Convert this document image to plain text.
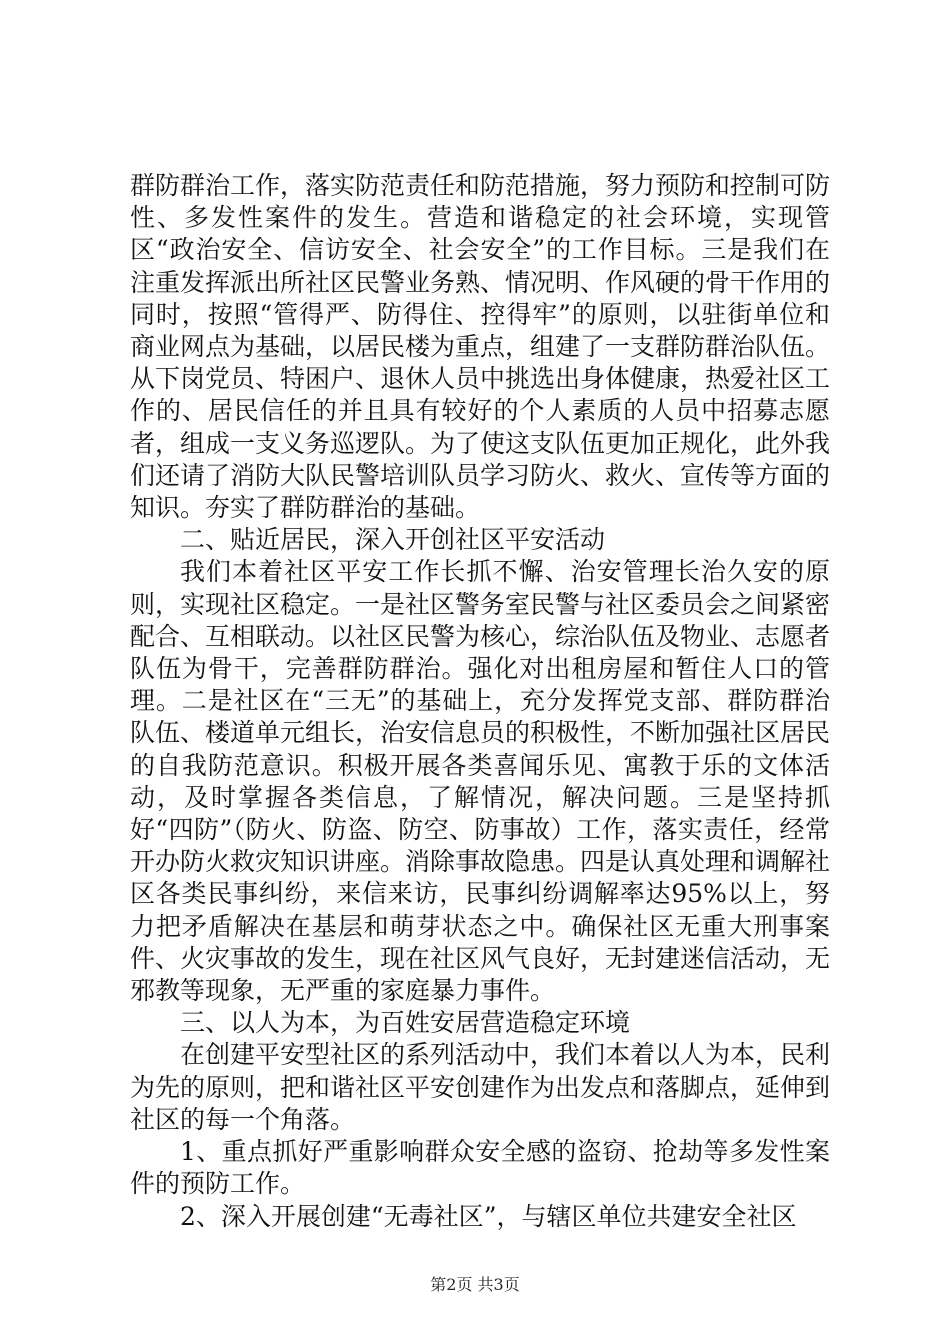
群防群治工作，落实防范责任和防范措施，努力预防和控制可防性、多发性案件的发生。营造和谐稳定的社会环境，实现管区“政治安全、信访安全、社会安全”的工作目标。三是我们在注重发挥派出所社区民警业务熟、情况明、作风硬的骨干作用的同时，按照“管得严、防得住、控得牢”的原则，以驻街单位和商业网点为基础，以居民楼为重点，组建了一支群防群治队伍。从下岗党员、特困户、退休人员中挑选出身体健康，热爱社区工作的、居民信任的并且具有较好的个人素质的人员中招募志愿者，组成一支义务巡逻队。为了使这支队伍更加正规化，此外我们还请了消防大队民警培训队员学习防火、救火、宣传等方面的知识。夯实了群防群治的基础。

二、贴近居民，深入开创社区平安活动

我们本着社区平安工作长抓不懈、治安管理长治久安的原则，实现社区稳定。一是社区警务室民警与社区委员会之间紧密配合、互相联动。以社区民警为核心，综治队伍及物业、志愿者队伍为骨干，完善群防群治。强化对出租房屋和暂住人口的管理。二是社区在“三无”的基础上，充分发挥党支部、群防群治队伍、楼道单元组长，治安信息员的积极性，不断加强社区居民的自我防范意识。积极开展各类喜闻乐见、寓教于乐的文体活动，及时掌握各类信息，了解情况，解决问题。三是坚持抓好“四防”（防火、防盗、防空、防事故）工作，落实责任，经常开办防火救灾知识讲座。消除事故隐患。四是认真处理和调解社区各类民事纠纷，来信来访，民事纠纷调解率达95%以上，努力把矛盾解决在基层和萌芽状态之中。确保社区无重大刑事案件、火灾事故的发生，现在社区风气良好，无封建迷信活动，无邪教等现象，无严重的家庭暴力事件。

三、以人为本，为百姓安居营造稳定环境

在创建平安型社区的系列活动中，我们本着以人为本，民利为先的原则，把和谐社区平安创建作为出发点和落脚点，延伸到社区的每一个角落。

1、重点抓好严重影响群众安全感的盗窃、抢劫等多发性案件的预防工作。

2、深入开展创建“无毒社区”，与辖区单位共建安全社区

第2页 共3页
